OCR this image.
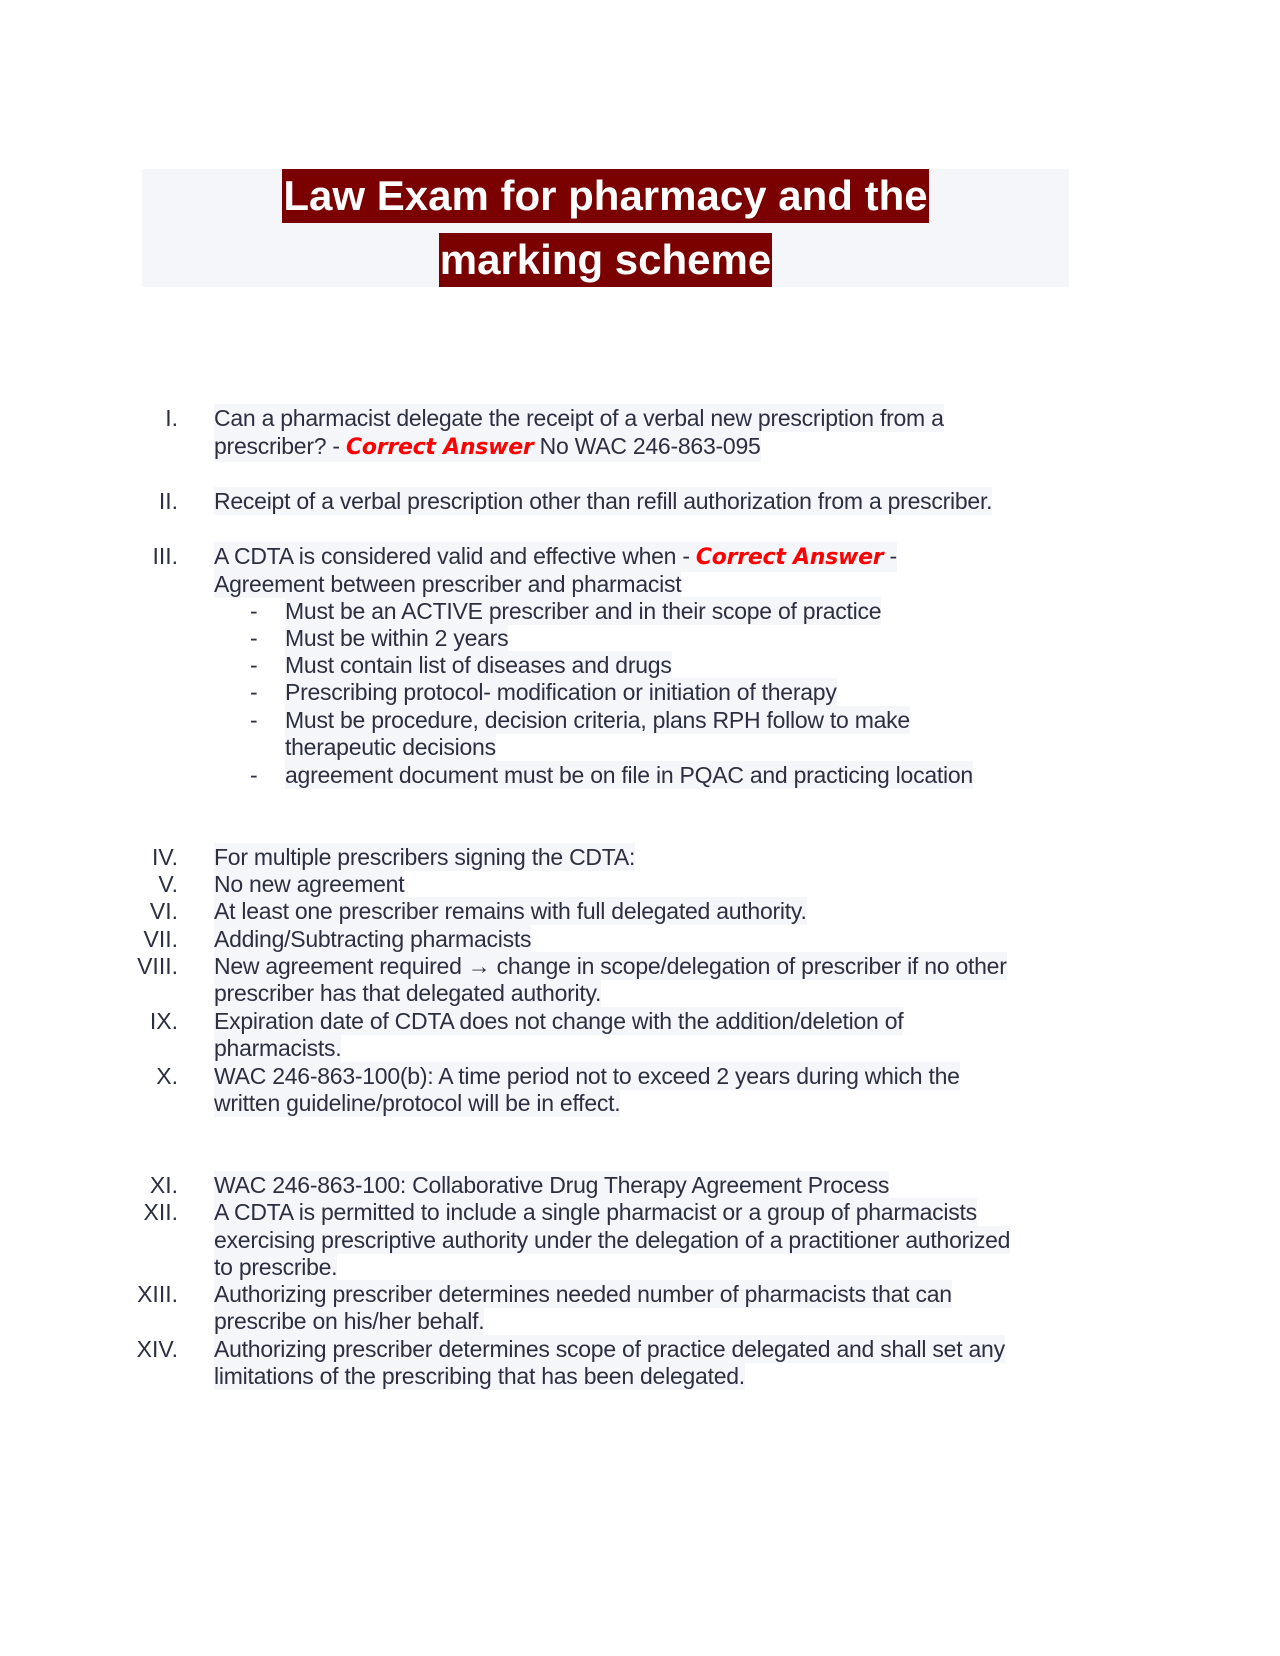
Law Exam for pharmacy and the
marking scheme
I. Can a pharmacist delegate the receipt of a verbal new prescription from a
prescriber? - Correct Answer No WAC 246-863-095
II. Receipt of a verbal prescription other than refill authorization from a prescriber.
III. A CDTA is considered valid and effective when - Correct Answer -
Agreement between prescriber and pharmacist
- Must be an ACTIVE prescriber and in their scope of practice
- Must be within 2 years
- Must contain list of diseases and drugs
- Prescribing protocol- modification or initiation of therapy
- Must be procedure, decision criteria, plans RPH follow to make
therapeutic decisions
- agreement document must be on file in PQAC and practicing location
IV. For multiple prescribers signing the CDTA:
V. No new agreement
VI. At least one prescriber remains with full delegated authority.
VII. Adding/Subtracting pharmacists
VIII. New agreement required → change in scope/delegation of prescriber if no other
prescriber has that delegated authority.
IX. Expiration date of CDTA does not change with the addition/deletion of
pharmacists.
X. WAC 246-863-100(b): A time period not to exceed 2 years during which the
written guideline/protocol will be in effect.
XI. WAC 246-863-100: Collaborative Drug Therapy Agreement Process
XII. A CDTA is permitted to include a single pharmacist or a group of pharmacists
exercising prescriptive authority under the delegation of a practitioner authorized
to prescribe.
XIII. Authorizing prescriber determines needed number of pharmacists that can
prescribe on his/her behalf.
XIV. Authorizing prescriber determines scope of practice delegated and shall set any
limitations of the prescribing that has been delegated.
